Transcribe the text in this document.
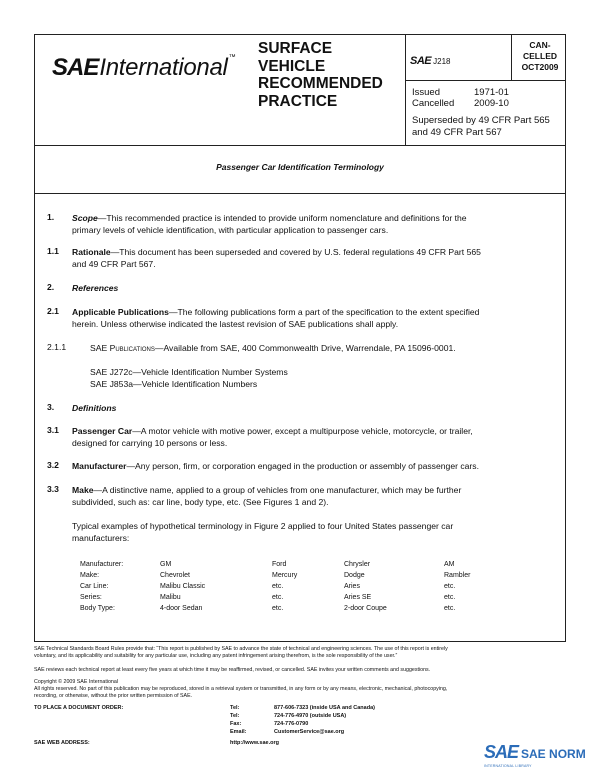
SAE International ™
SURFACE
VEHICLE
RECOMMENDED
PRACTICE
SAE J218
CAN-
CELLED
OCT2009
Issued	1971-01
Cancelled 2009-10
Superseded by 49 CFR Part 565
and 49 CFR Part 567
Passenger Car Identification Terminology
1. Scope—This recommended practice is intended to provide uniform nomenclature and definitions for the
primary levels of vehicle identification, with particular application to passenger cars.
1.1 Rationale—This document has been superseded and covered by U.S. federal regulations 49 CFR Part 565
and 49 CFR Part 567.
2. References
2.1 Applicable Publications—The following publications form a part of the specification to the extent specified
herein. Unless otherwise indicated the lastest revision of SAE publications shall apply.
2.1.1	SAE Publications—Available from SAE, 400 Commonwealth Drive, Warrendale, PA 15096-0001.
SAE J272c—Vehicle Identification Number Systems
SAE J853a—Vehicle Identification Numbers
3. Definitions
3.1 Passenger Car—A motor vehicle with motive power, except a multipurpose vehicle, motorcycle, or trailer,
designed for carrying 10 persons or less.
3.2 Manufacturer—Any person, firm, or corporation engaged in the production or assembly of passenger cars.
3.3 Make—A distinctive name, applied to a group of vehicles from one manufacturer, which may be further
subdivided, such as: car line, body type, etc. (See Figures 1 and 2).
Typical examples of hypothetical terminology in Figure 2 applied to four United States passenger car
manufacturers:
Manufacturer:	GM	Ford	Chrysler	AM
Make:	Chevrolet	Mercury	Dodge	Rambler
Car Line:	Malibu Classic	etc.	Aries	etc.
Series:	Malibu	etc.	Aries SE	etc.
Body Type:	4-door Sedan	etc.	2-door Coupe	etc.
SAE Technical Standards Board Rules provide that: “This report is published by SAE to advance the state of technical and engineering sciences. The use of this report is entirely
voluntary, and its applicability and suitability for any particular use, including any patent infringement arising therefrom, is the sole responsibility of the user.”
SAE reviews each technical report at least every five years at which time it may be reaffirmed, revised, or cancelled. SAE invites your written comments and suggestions.
Copyright © 2009 SAE International
All rights reserved. No part of this publication may be reproduced, stored in a retrieval system or transmitted, in any form or by any means, electronic, mechanical, photocopying,
recording, or otherwise, without the prior written permission of SAE.
TO PLACE A DOCUMENT ORDER:	Tel:	877-606-7323 (inside USA and Canada)
Tel:	724-776-4970 (outside USA)
Fax:	724-776-0790
Email:	CustomerService@sae.org
SAE WEB ADDRESS:	http://www.sae.org	SAE SAE NORM
INTERNATIONAL LIBRARY
